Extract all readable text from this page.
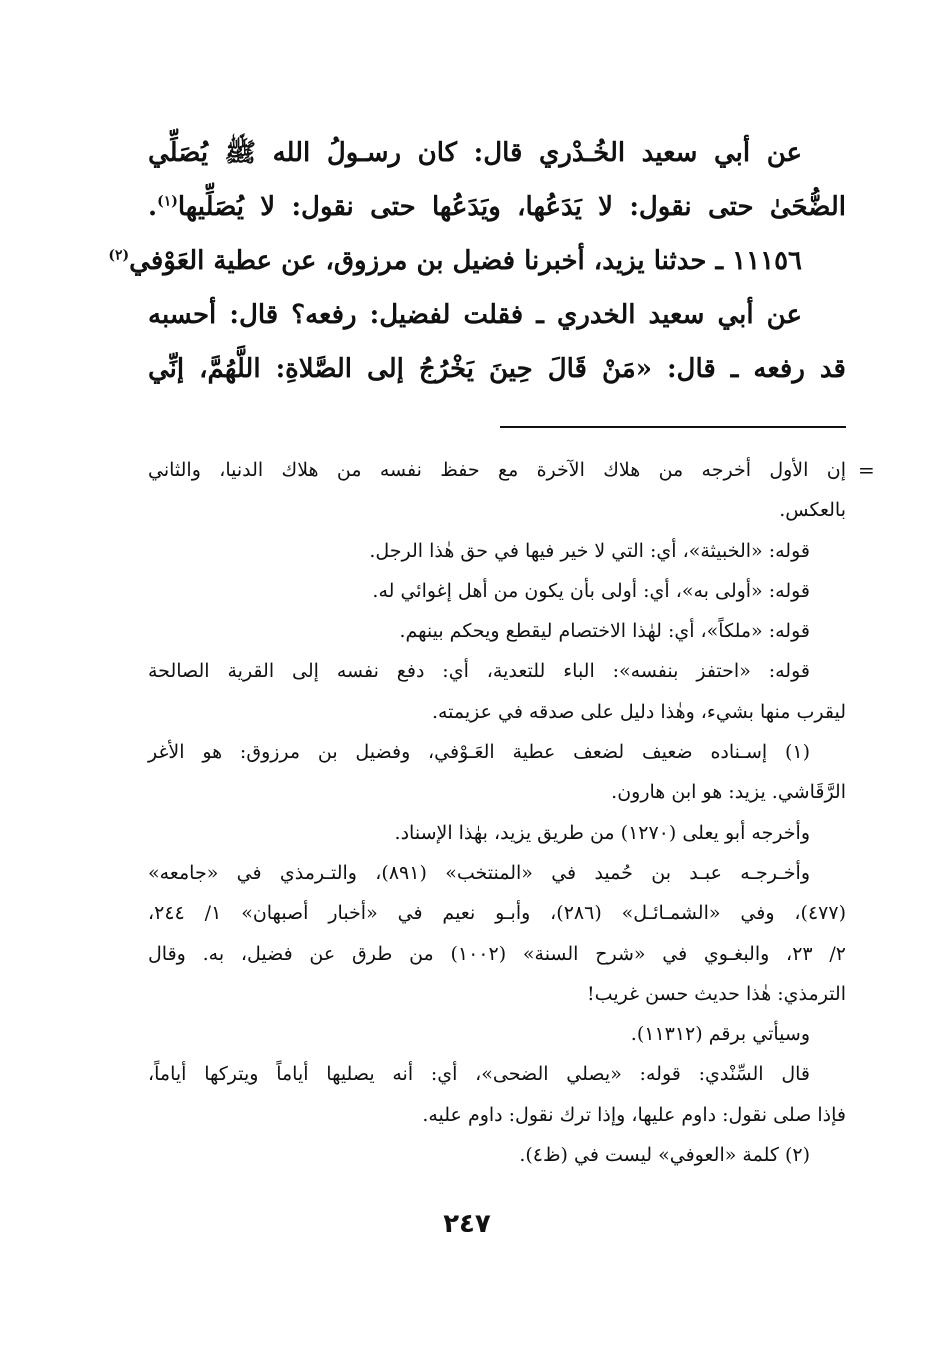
عن أبي سعيد الخُـدْري قال: كان رسـولُ الله ﷺ يُصَلِّي
الضُّحَىٰ حتى نقول: لا يَدَعُها، ويَدَعُها حتى نقول: لا يُصَلِّيها$^{(١)}$.
١١١٥٦ ـ حدثنا يزيد، أخبرنا فضيل بن مرزوق، عن عطية العَوْفي$^{(٢)}$
عن أبي سعيد الخدري ـ فقلت لفضيل: رفعه؟ قال: أحسبه
قد رفعه ـ قال: «مَنْ قَالَ حِينَ يَخْرُجُ إلى الصَّلاةِ: اللَّهُمَّ، إنِّي
إن الأول أخرجه من هلاك الآخرة مع حفظ نفسه من هلاك الدنيا، والثاني
بالعكس.
قوله: «الخبيثة»، أي: التي لا خير فيها في حق هٰذا الرجل.
قوله: «أولى به»، أي: أولى بأن يكون من أهل إغوائي له.
قوله: «ملكاً»، أي: لهٰذا الاختصام ليقطع ويحكم بينهم.
قوله: «احتفز بنفسه»: الباء للتعدية، أي: دفع نفسه إلى القرية الصالحة
ليقرب منها بشيء، وهٰذا دليل على صدقه في عزيمته.
(١) إسـناده ضعيف لضعف عطية العَـوْفي، وفضيل بن مرزوق: هو الأغر
الرَّقَاشي. يزيد: هو ابن هارون.
وأخرجه أبو يعلى (١٢٧٠) من طريق يزيد، بهٰذا الإسناد.
وأخـرجـه عبـد بن حُميد في «المنتخب» (٨٩١)، والتـرمذي في «جامعه»
(٤٧٧)، وفي «الشمـائـل» (٢٨٦)، وأبـو نعيم في «أخبار أصبهان» ١/ ٢٤٤،
٢/ ٢٣، والبغـوي في «شرح السنة» (١٠٠٢) من طرق عن فضيل، به. وقال
الترمذي: هٰذا حديث حسن غريب!
وسيأتي برقم (١١٣١٢).
قال السِّنْدي: قوله: «يصلي الضحى»، أي: أنه يصليها أياماً ويتركها أياماً،
فإذا صلى نقول: داوم عليها، وإذا ترك نقول: داوم عليه.
(٢) كلمة «العوفي» ليست في (ظ٤).
=
٢٤٧
